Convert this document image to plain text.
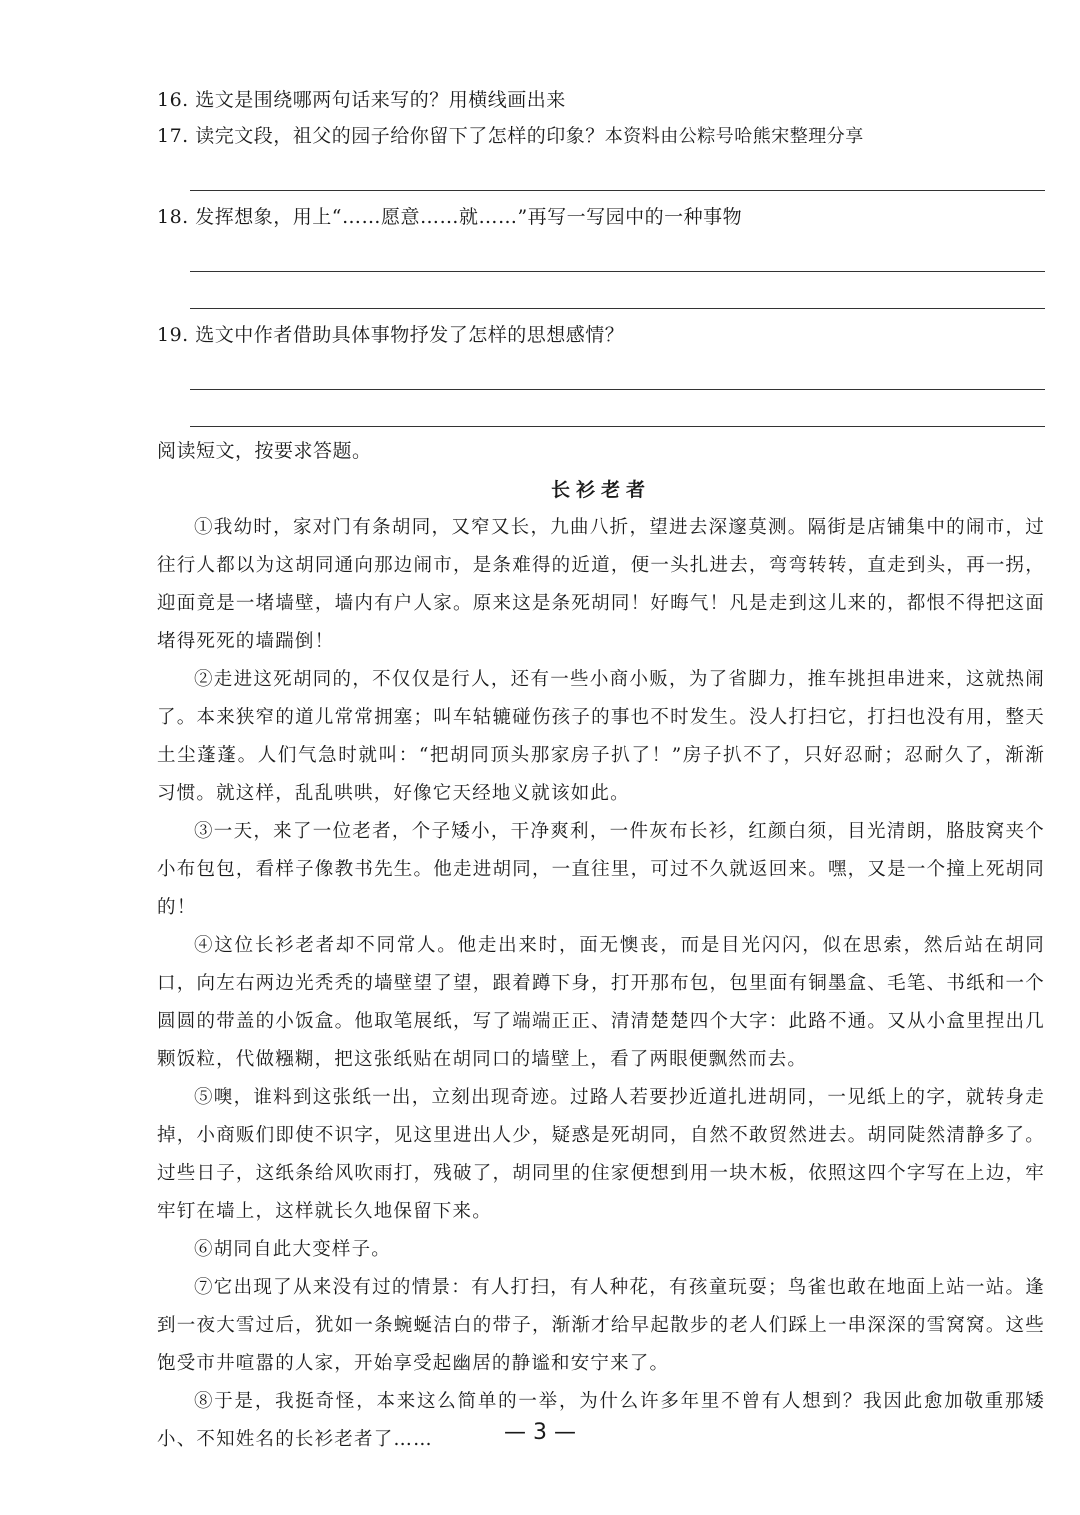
16. 选文是围绕哪两句话来写的？用横线画出来
17. 读完文段，祖父的园子给你留下了怎样的印象？本资料由公粽号哈熊宋整理分享
18. 发挥想象，用上“……愿意……就……”再写一写园中的一种事物
19. 选文中作者借助具体事物抒发了怎样的思想感情？
阅读短文，按要求答题。
长衫老者

①我幼时，家对门有条胡同，又窄又长，九曲八折，望进去深邃莫测。隔街是店铺集中的闹市，过往行人都以为这胡同通向那边闹市，是条难得的近道，便一头扎进去，弯弯转转，直走到头，再一拐，迎面竟是一堵墙壁，墙内有户人家。原来这是条死胡同！好晦气！凡是走到这儿来的，都恨不得把这面堵得死死的墙踹倒！

②走进这死胡同的，不仅仅是行人，还有一些小商小贩，为了省脚力，推车挑担串进来，这就热闹了。本来狭窄的道儿常常拥塞；叫车轱辘碰伤孩子的事也不时发生。没人打扫它，打扫也没有用，整天土尘蓬蓬。人们气急时就叫：“把胡同顶头那家房子扒了！”房子扒不了，只好忍耐；忍耐久了，渐渐习惯。就这样，乱乱哄哄，好像它天经地义就该如此。

③一天，来了一位老者，个子矮小，干净爽利，一件灰布长衫，红颜白须，目光清朗，胳肢窝夹个小布包包，看样子像教书先生。他走进胡同，一直往里，可过不久就返回来。嘿，又是一个撞上死胡同的！

④这位长衫老者却不同常人。他走出来时，面无懊丧，而是目光闪闪，似在思索，然后站在胡同口，向左右两边光秃秃的墙壁望了望，跟着蹲下身，打开那布包，包里面有铜墨盒、毛笔、书纸和一个圆圆的带盖的小饭盒。他取笔展纸，写了端端正正、清清楚楚四个大字：此路不通。又从小盒里捏出几颗饭粒，代做糨糊，把这张纸贴在胡同口的墙壁上，看了两眼便飘然而去。

⑤噢，谁料到这张纸一出，立刻出现奇迹。过路人若要抄近道扎进胡同，一见纸上的字，就转身走掉，小商贩们即使不识字，见这里进出人少，疑惑是死胡同，自然不敢贸然进去。胡同陡然清静多了。过些日子，这纸条给风吹雨打，残破了，胡同里的住家便想到用一块木板，依照这四个字写在上边，牢牢钉在墙上，这样就长久地保留下来。

⑥胡同自此大变样子。

⑦它出现了从来没有过的情景：有人打扫，有人种花，有孩童玩耍；鸟雀也敢在地面上站一站。逢到一夜大雪过后，犹如一条蜿蜒洁白的带子，渐渐才给早起散步的老人们踩上一串深深的雪窝窝。这些饱受市井喧嚣的人家，开始享受起幽居的静谧和安宁来了。

⑧于是，我挺奇怪，本来这么简单的一举，为什么许多年里不曾有人想到？我因此愈加敬重那矮小、不知姓名的长衫老者了……	— 3 —
